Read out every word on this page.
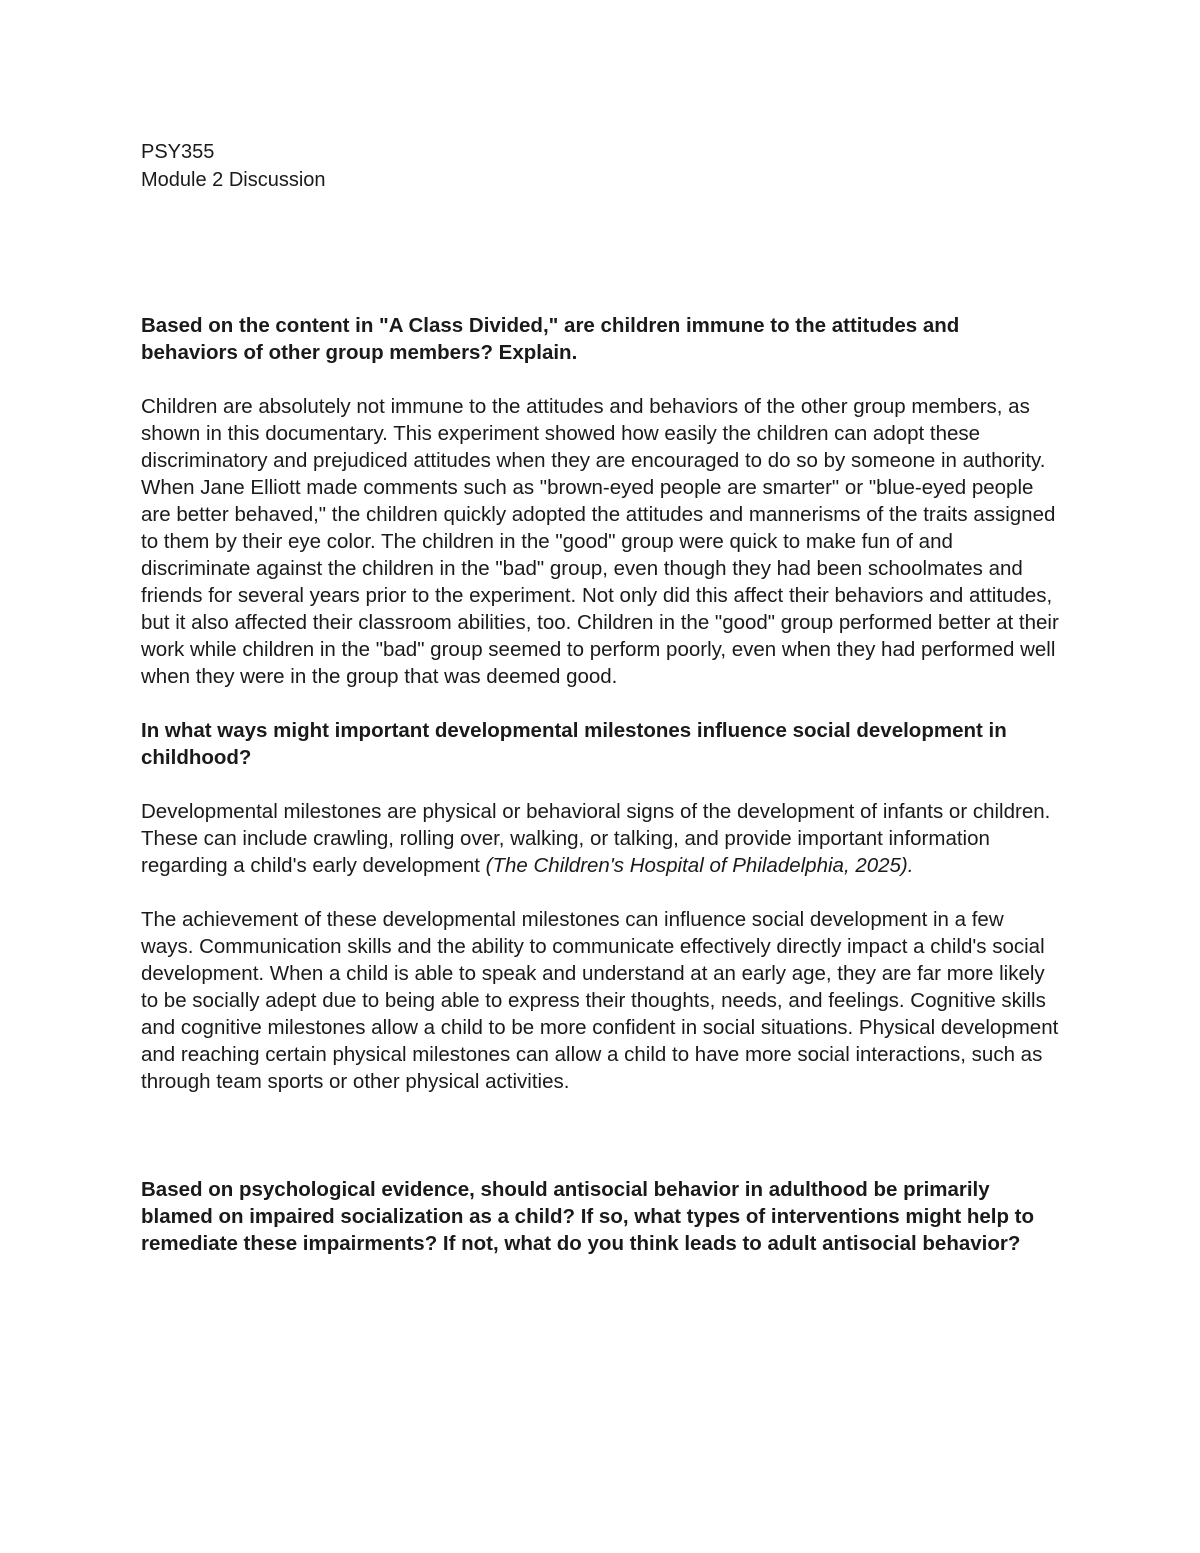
PSY355

Module 2 Discussion

Based on the content in "A Class Divided," are children immune to the attitudes and behaviors of other group members? Explain.

Children are absolutely not immune to the attitudes and behaviors of the other group members, as shown in this documentary. This experiment showed how easily the children can adopt these discriminatory and prejudiced attitudes when they are encouraged to do so by someone in authority. When Jane Elliott made comments such as "brown-eyed people are smarter" or "blue-eyed people are better behaved," the children quickly adopted the attitudes and mannerisms of the traits assigned to them by their eye color. The children in the "good" group were quick to make fun of and discriminate against the children in the "bad" group, even though they had been schoolmates and friends for several years prior to the experiment. Not only did this affect their behaviors and attitudes, but it also affected their classroom abilities, too. Children in the "good" group performed better at their work while children in the "bad" group seemed to perform poorly, even when they had performed well when they were in the group that was deemed good.

In what ways might important developmental milestones influence social development in childhood?

Developmental milestones are physical or behavioral signs of the development of infants or children. These can include crawling, rolling over, walking, or talking, and provide important information regarding a child's early development (The Children's Hospital of Philadelphia, 2025).

The achievement of these developmental milestones can influence social development in a few ways. Communication skills and the ability to communicate effectively directly impact a child's social development. When a child is able to speak and understand at an early age, they are far more likely to be socially adept due to being able to express their thoughts, needs, and feelings. Cognitive skills and cognitive milestones allow a child to be more confident in social situations. Physical development and reaching certain physical milestones can allow a child to have more social interactions, such as through team sports or other physical activities.

Based on psychological evidence, should antisocial behavior in adulthood be primarily blamed on impaired socialization as a child? If so, what types of interventions might help to remediate these impairments? If not, what do you think leads to adult antisocial behavior?
